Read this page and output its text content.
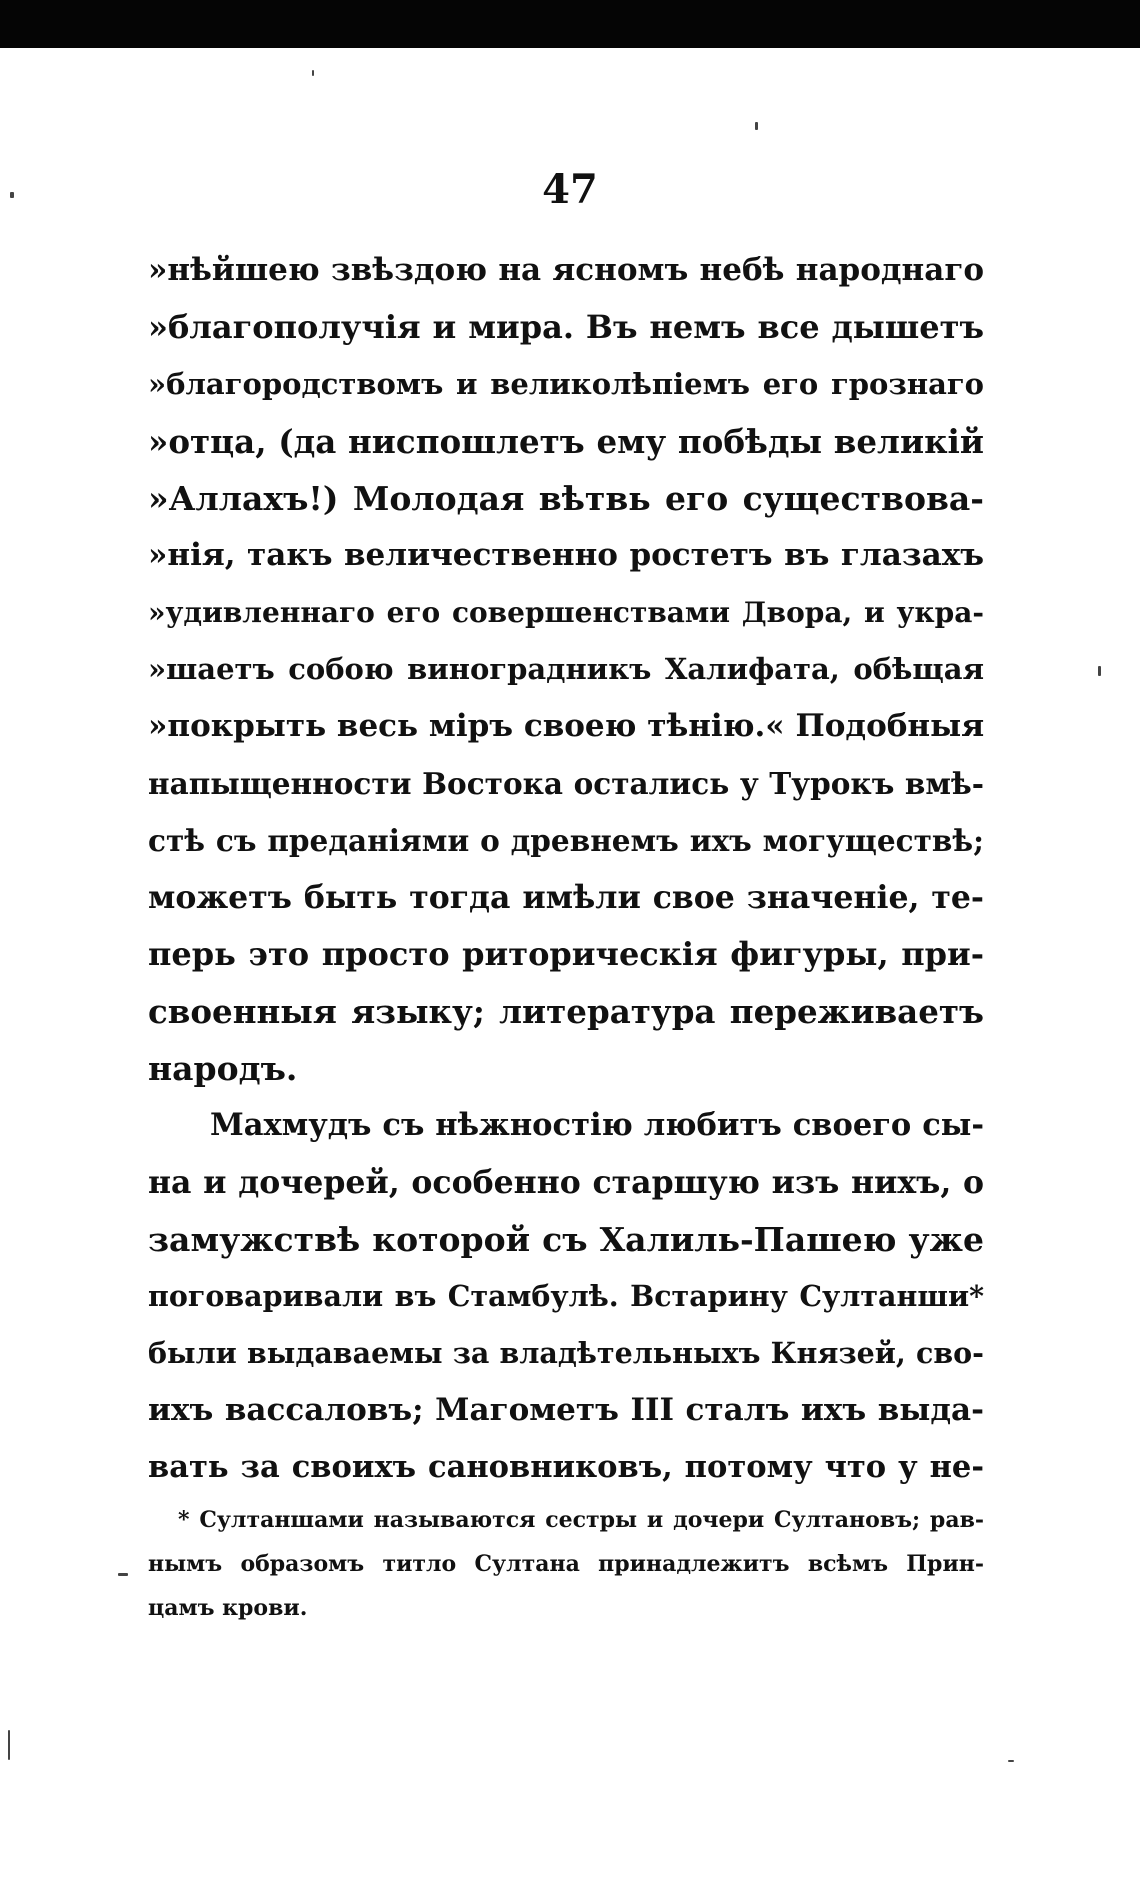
47
»нѣйшею звѣздою на ясномъ небѣ народнаго
»благополучія и мира. Въ немъ все дышетъ
»благородствомъ и великолѣпіемъ его грознаго
»отца, (да ниспошлетъ ему побѣды великій
»Аллахъ!) Молодая вѣтвь его существова-
»нія, такъ величественно ростетъ въ глазахъ
»удивленнаго его совершенствами Двора, и укра-
»шаетъ собою виноградникъ Халифата, обѣщая
»покрыть весь міръ своею тѣнію.« Подобныя
напыщенности Востока остались у Турокъ вмѣ-
стѣ съ преданіями о древнемъ ихъ могуществѣ;
можетъ быть тогда имѣли свое значеніе, те-
перь это просто риторическія фигуры, при-
своенныя языку; литература переживаетъ
народъ.
Махмудъ съ нѣжностію любитъ своего сы-
на и дочерей, особенно старшую изъ нихъ, о
замужствѣ которой съ Халиль-Пашею уже
поговаривали въ Стамбулѣ. Встарину Султанши*
были выдаваемы за владѣтельныхъ Князей, сво-
ихъ вассаловъ; Магометъ III сталъ ихъ выда-
вать за своихъ сановниковъ, потому что у не-
* Султаншами называются сестры и дочери Султановъ; рав-
нымъ образомъ титло Султана принадлежитъ всѣмъ Прин-
цамъ крови.
